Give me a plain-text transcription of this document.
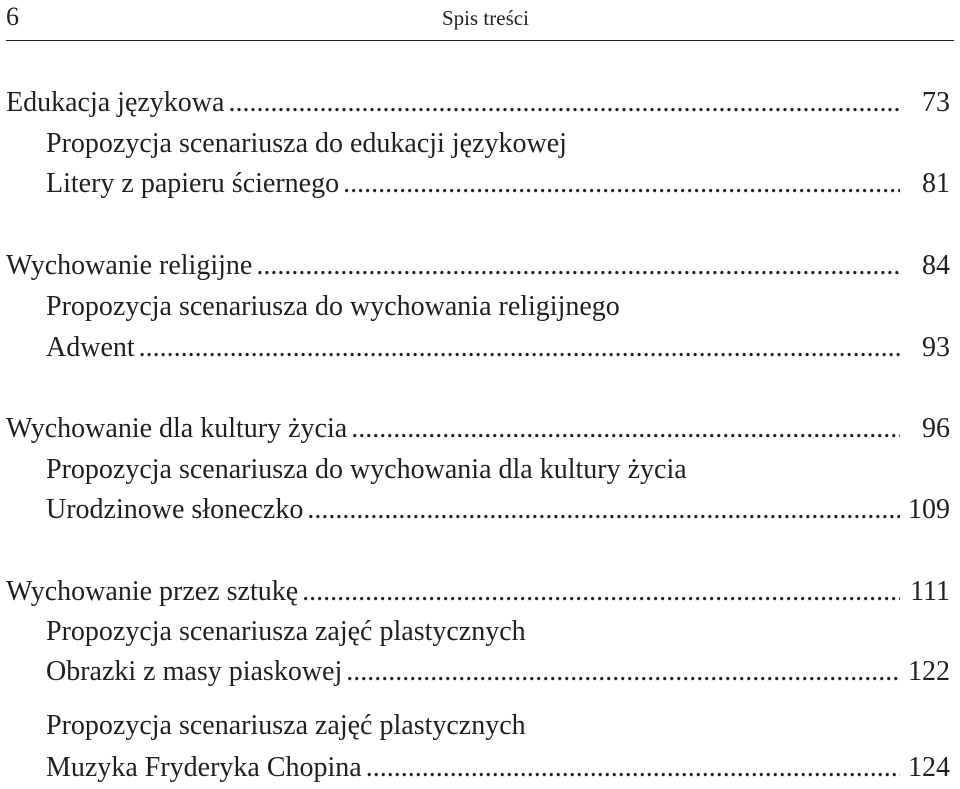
6	Spis treści
Edukacja językowa .....	73
Propozycja scenariusza do edukacji językowej
Litery z papieru ściernego .....	81
Wychowanie religijne .....	84
Propozycja scenariusza do wychowania religijnego
Adwent .....	93
Wychowanie dla kultury życia .....	96
Propozycja scenariusza do wychowania dla kultury życia
Urodzinowe słoneczko .....	109
Wychowanie przez sztukę .....	111
Propozycja scenariusza zajęć plastycznych
Obrazki z masy piaskowej .....	122
Propozycja scenariusza zajęć plastycznych
Muzyka Fryderyka Chopina .....	124
